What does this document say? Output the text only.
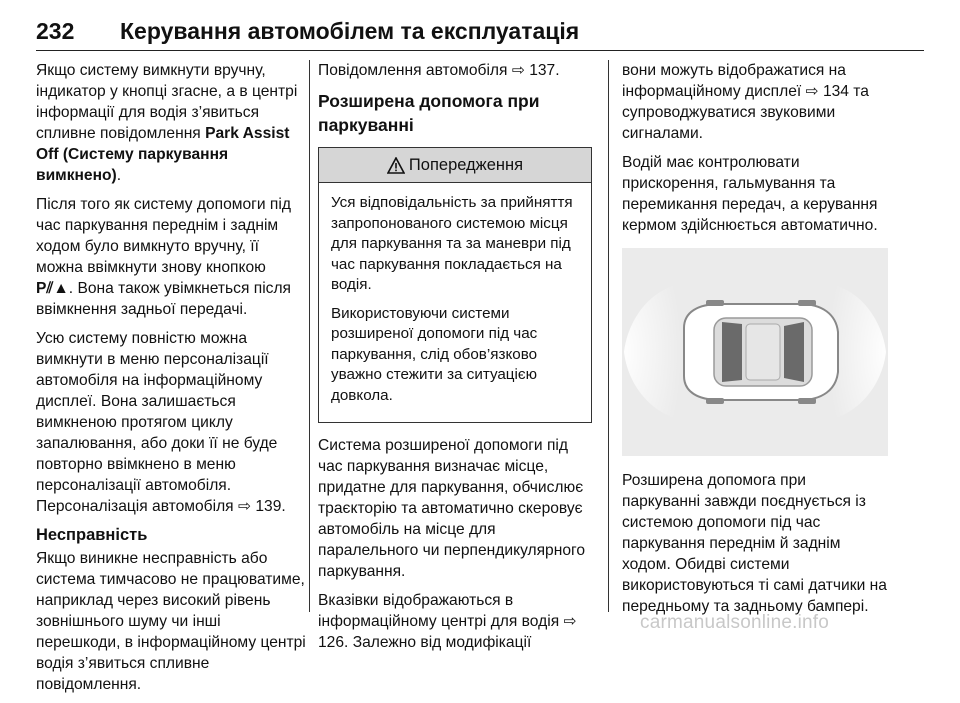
232 Керування автомобілем та експлуатація

Якщо систему вимкнути вручну, індикатор у кнопці згасне, а в центрі інформації для водія з’явиться спливне повідомлення Park Assist Off (Систему паркування вимкнено).

Після того як систему допомоги під час паркування переднім і заднім ходом було вимкнуто вручну, її можна ввімкнути знову кнопкою P⫽▲. Вона також увімкнеться після ввімкнення задньої передачі.

Усю систему повністю можна вимкнути в меню персоналізації автомобіля на інформаційному дисплеї. Вона залишається вимкненою протягом циклу запалювання, або доки її не буде повторно ввімкнено в меню персоналізації автомобіля. Персоналізація автомобіля ⇨ 139.

Несправність

Якщо виникне несправність або система тимчасово не працюватиме, наприклад через високий рівень зовнішнього шуму чи інші перешкоди, в інформаційному центрі водія з’явиться спливне повідомлення.

Повідомлення автомобіля ⇨ 137.

Розширена допомога при паркуванні
Попередження

Уся відповідальність за прийняття запропонованого системою місця для паркування та за маневри під час паркування покладається на водія.

Використовуючи системи розширеної допомоги під час паркування, слід обов’язково уважно стежити за ситуацією довкола.

Система розширеної допомоги під час паркування визначає місце, придатне для паркування, обчислює траєкторію та автоматично скеровує автомобіль на місце для паралельного чи перпендикулярного паркування.

Вказівки відображаються в інформаційному центрі для водія ⇨ 126. Залежно від модифікації

вони можуть відображатися на інформаційному дисплеї ⇨ 134 та супроводжуватися звуковими сигналами.

Водій має контролювати прискорення, гальмування та перемикання передач, а керування кермом здійснюється автоматично.

Розширена допомога при паркуванні завжди поєднується із системою допомоги під час паркування переднім й заднім ходом. Обидві системи використовуються ті самі датчики на передньому та задньому бампері.

carmanualsonline.info
